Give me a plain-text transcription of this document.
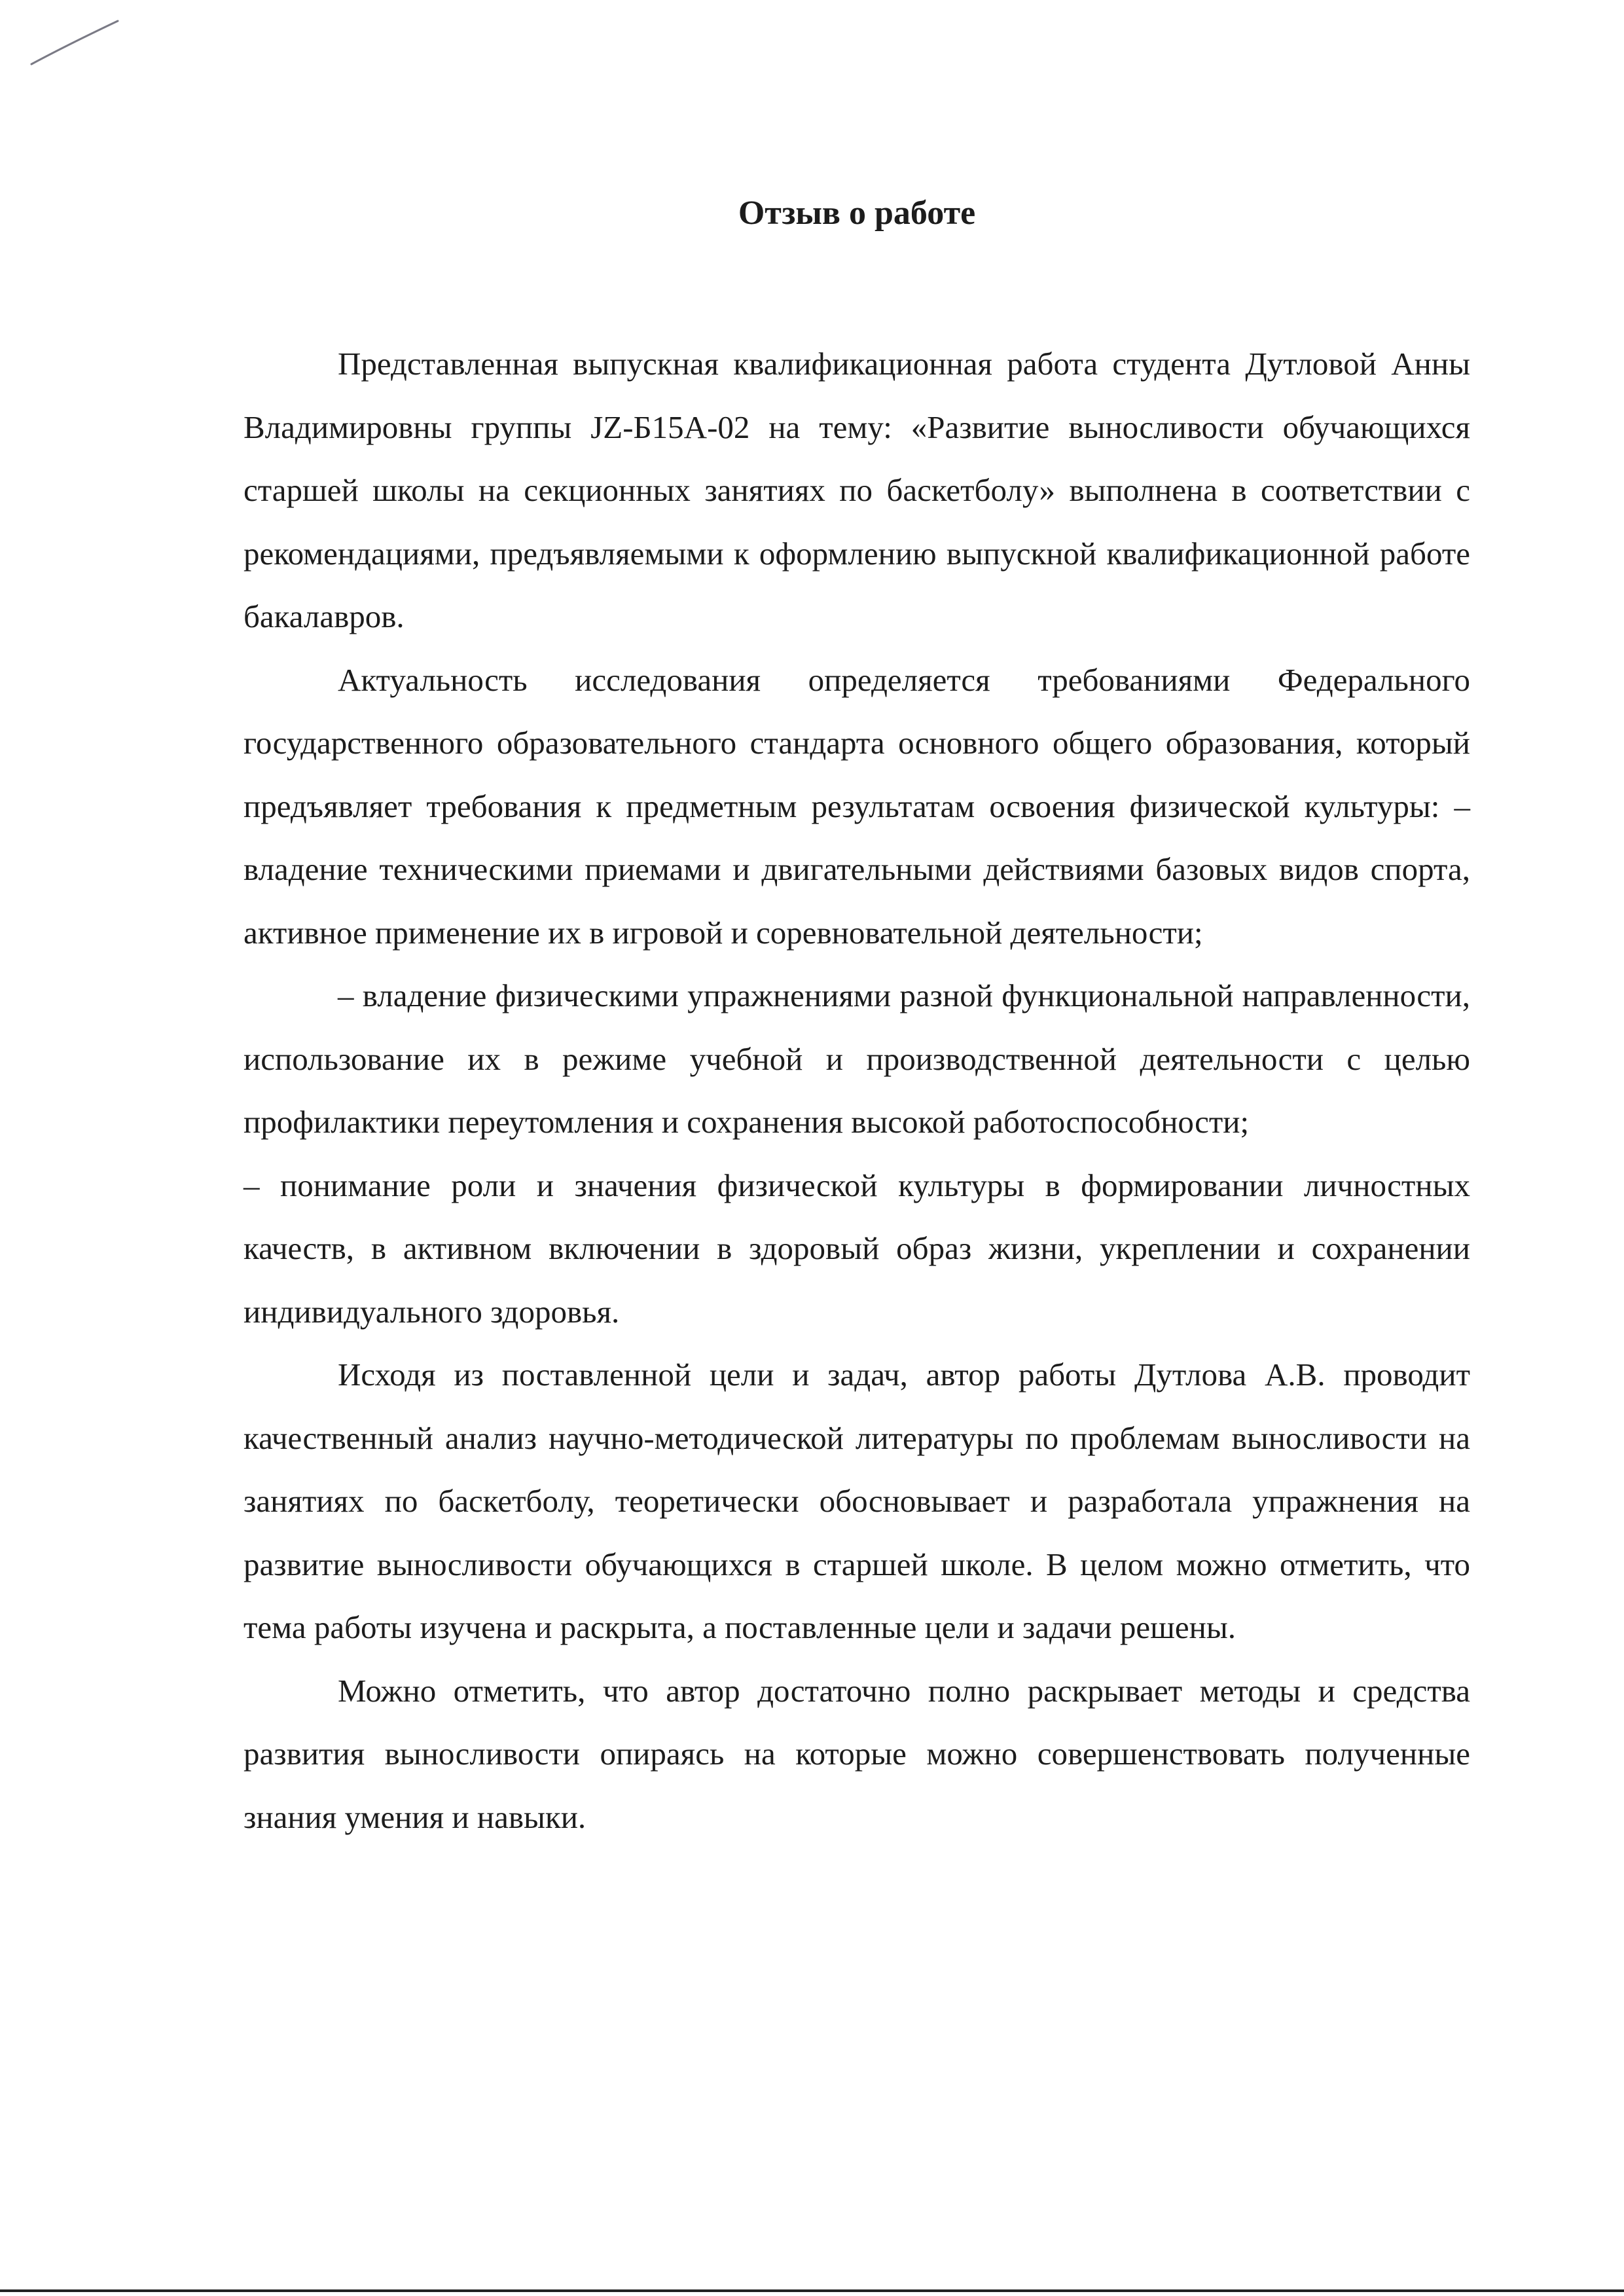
Отзыв о работе

Представленная выпускная квалификационная работа студента Дутловой Анны Владимировны группы JZ-Б15А-02 на тему: «Развитие выносливости обучающихся старшей школы на секционных занятиях по баскетболу» выполнена в соответствии с рекомендациями, предъявляемыми к оформлению выпускной квалификационной работе бакалавров.

Актуальность исследования определяется требованиями Федерального государственного образовательного стандарта основного общего образования, который предъявляет требования к предметным результатам освоения физической культуры: – владение техническими приемами и двигательными действиями базовых видов спорта, активное применение их в игровой и соревновательной деятельности;

– владение физическими упражнениями разной функциональной направленности, использование их в режиме учебной и производственной деятельности с целью профилактики переутомления и сохранения высокой работоспособности;

– понимание роли и значения физической культуры в формировании личностных качеств, в активном включении в здоровый образ жизни, укреплении и сохранении индивидуального здоровья.

Исходя из поставленной цели и задач, автор работы Дутлова А.В. проводит качественный анализ научно-методической литературы по проблемам выносливости на занятиях по баскетболу, теоретически обосновывает и разработала упражнения на развитие выносливости обучающихся в старшей школе. В целом можно отметить, что тема работы изучена и раскрыта, а поставленные цели и задачи решены.

Можно отметить, что автор достаточно полно раскрывает методы и средства развития выносливости опираясь на которые можно совершенствовать полученные знания умения и навыки.
